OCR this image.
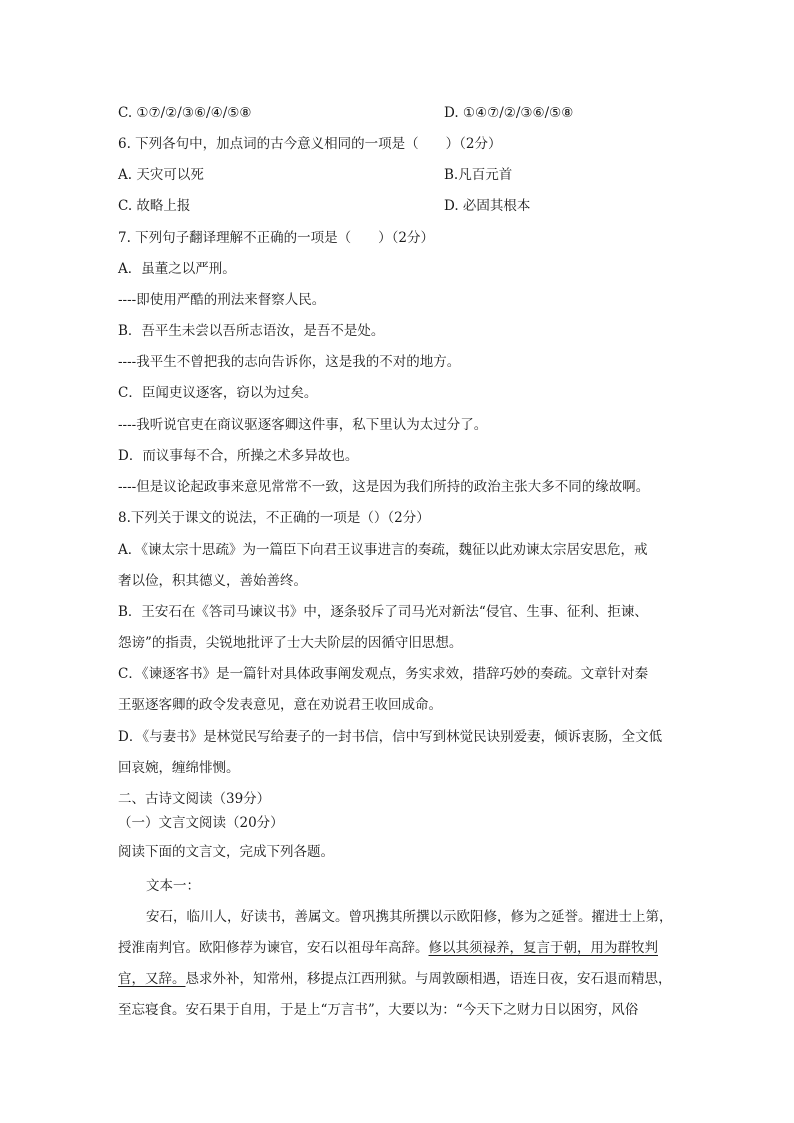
C. ①⑦/②/③⑥/④/⑤⑧	D. ①④⑦/②/③⑥/⑤⑧
6. 下列各句中，加点词的古今意义相同的一项是（　　）（2分）
A. 天灾可以死	B.凡百元首
C. 故略上报	D. 必固其根本
7. 下列句子翻译理解不正确的一项是（　　）（2分）
A．虽董之以严刑。
----即使用严酷的刑法来督察人民。
B．吾平生未尝以吾所志语汝，是吾不是处。
----我平生不曾把我的志向告诉你，这是我的不对的地方。
C．臣闻吏议逐客，窃以为过矣。
----我听说官吏在商议驱逐客卿这件事，私下里认为太过分了。
D．而议事每不合，所操之术多异故也。
----但是议论起政事来意见常常不一致，这是因为我们所持的政治主张大多不同的缘故啊。
8.下列关于课文的说法，不正确的一项是（）（2分）
A．《谏太宗十思疏》为一篇臣下向君王议事进言的奏疏，魏征以此劝谏太宗居安思危，戒
奢以俭，积其德义，善始善终。
B．王安石在《答司马谏议书》中，逐条驳斥了司马光对新法“侵官、生事、征利、拒谏、
怨谤”的指责，尖锐地批评了士大夫阶层的因循守旧思想。
C．《谏逐客书》是一篇针对具体政事阐发观点，务实求效，措辞巧妙的奏疏。文章针对秦
王驱逐客卿的政令发表意见，意在劝说君王收回成命。
D．《与妻书》是林觉民写给妻子的一封书信，信中写到林觉民诀别爱妻，倾诉衷肠，全文低
回哀婉，缠绵悱恻。
二、古诗文阅读（39分）
（一）文言文阅读（20分）
阅读下面的文言文，完成下列各题。
文本一：
安石，临川人，好读书，善属文。曾巩携其所撰以示欧阳修，修为之延誉。擢进士上第，
授淮南判官。欧阳修荐为谏官，安石以祖母年高辞。修以其须禄养，复言于朝，用为群牧判
官，又辞。恳求外补，知常州，移提点江西刑狱。与周敦颐相遇，语连日夜，安石退而精思，
至忘寝食。安石果于自用，于是上“万言书”，大要以为：“今天下之财力日以困穷，风俗
